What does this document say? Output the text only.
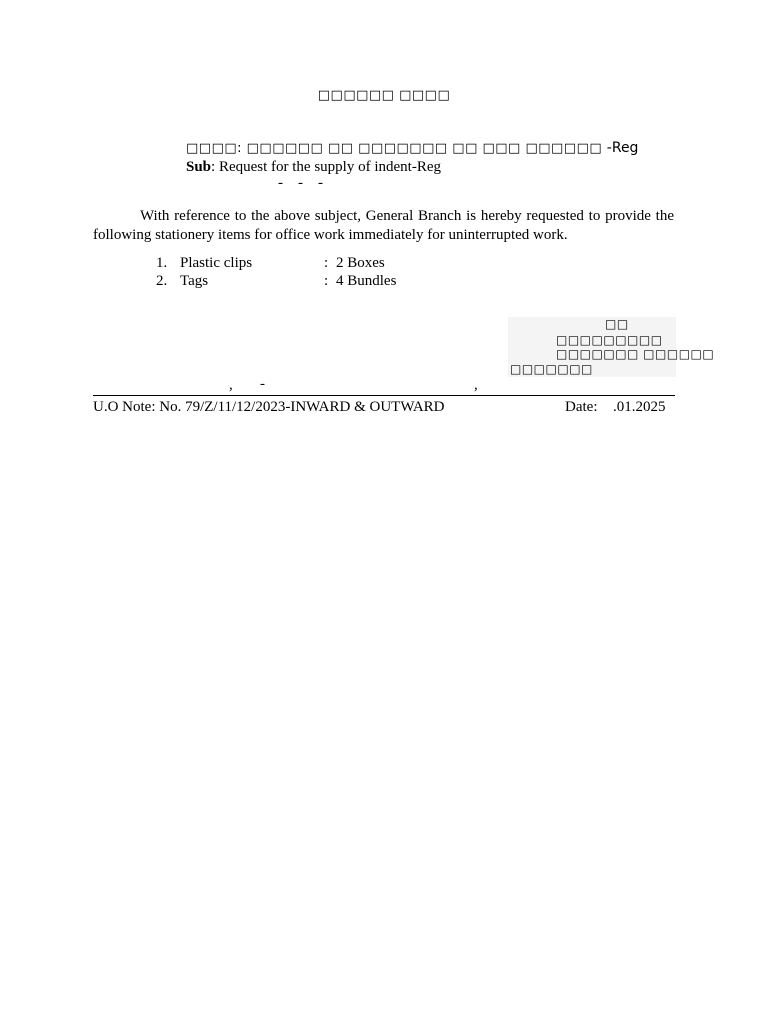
□□□□□□ □□□□
□□□□: □□□□□□ □□ □□□□□□□ □□ □□□ □□□□□□ -Reg
Sub: Request for the supply of indent-Reg
-    -    -
With reference to the above subject, General Branch is hereby requested to provide the following stationery items for office work immediately for uninterrupted work.
1. Plastic clips	: 2 Boxes
2. Tags	: 4 Bundles
□□
□□□□□□□□□
□□□□□□□ □□□□□□
□□□□□□□
, -	,
U.O Note: No. 79/Z/11/12/2023-INWARD & OUTWARD	Date: .01.2025
